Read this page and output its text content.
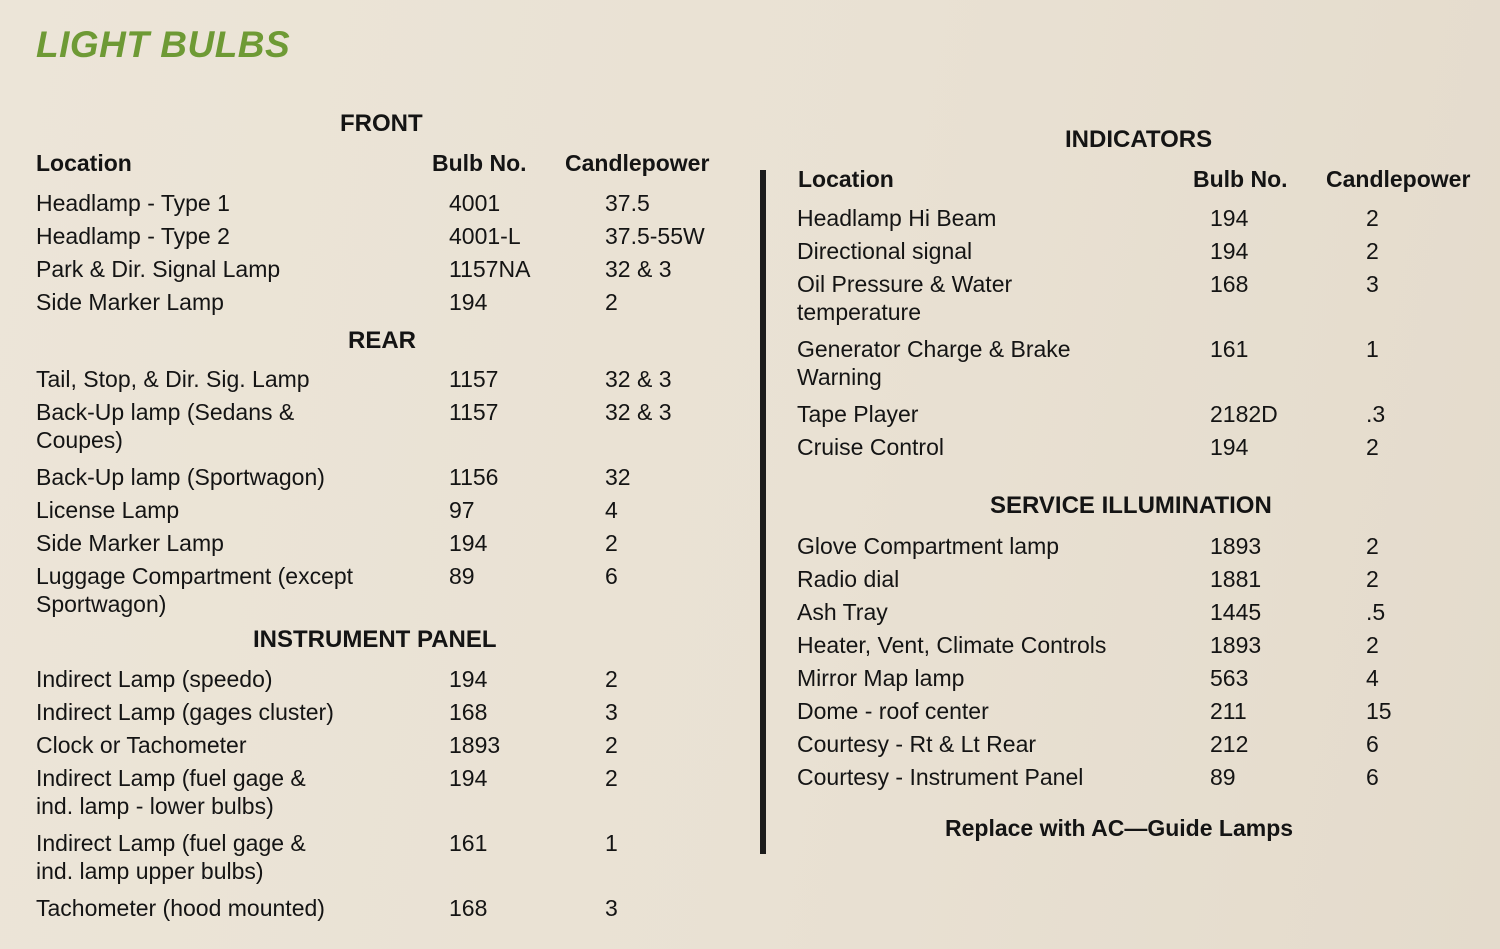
LIGHT BULBS
FRONT
Location	Bulb No. Candlepower
Headlamp - Type 1	4001	37.5
Headlamp - Type 2	4001-L	37.5-55W
Park & Dir. Signal Lamp	1157NA	32 & 3
Side Marker Lamp	194	2
REAR
Tail, Stop, & Dir. Sig. Lamp	1157	32 & 3
Back-Up lamp (Sedans &
Coupes)
1157	32 & 3
Back-Up lamp (Sportwagon)	1156	32
License Lamp	97	4
Side Marker Lamp	194	2
Luggage Compartment (except
Sportwagon)
89	6
INSTRUMENT PANEL
Indirect Lamp (speedo)	194	2
Indirect Lamp (gages cluster)	168	3
Clock or Tachometer	1893	2
Indirect Lamp (fuel gage &
ind. lamp - lower bulbs)
194	2
Indirect Lamp (fuel gage &
ind. lamp upper bulbs)
161	1
Tachometer (hood mounted)	168	3
INDICATORS
Location	Bulb No. Candlepower
Headlamp Hi Beam	194	2
Directional signal	194	2
Oil Pressure & Water
temperature
168	3
Generator Charge & Brake
Warning
161	1
Tape Player	2182D	.3
Cruise Control	194	2
SERVICE ILLUMINATION
Glove Compartment lamp	1893	2
Radio dial	1881	2
Ash Tray	1445	.5
Heater, Vent, Climate Controls	1893	2
Mirror Map lamp	563	4
Dome - roof center	211	15
Courtesy - Rt & Lt Rear	212	6
Courtesy - Instrument Panel	89	6
Replace with AC—Guide Lamps
